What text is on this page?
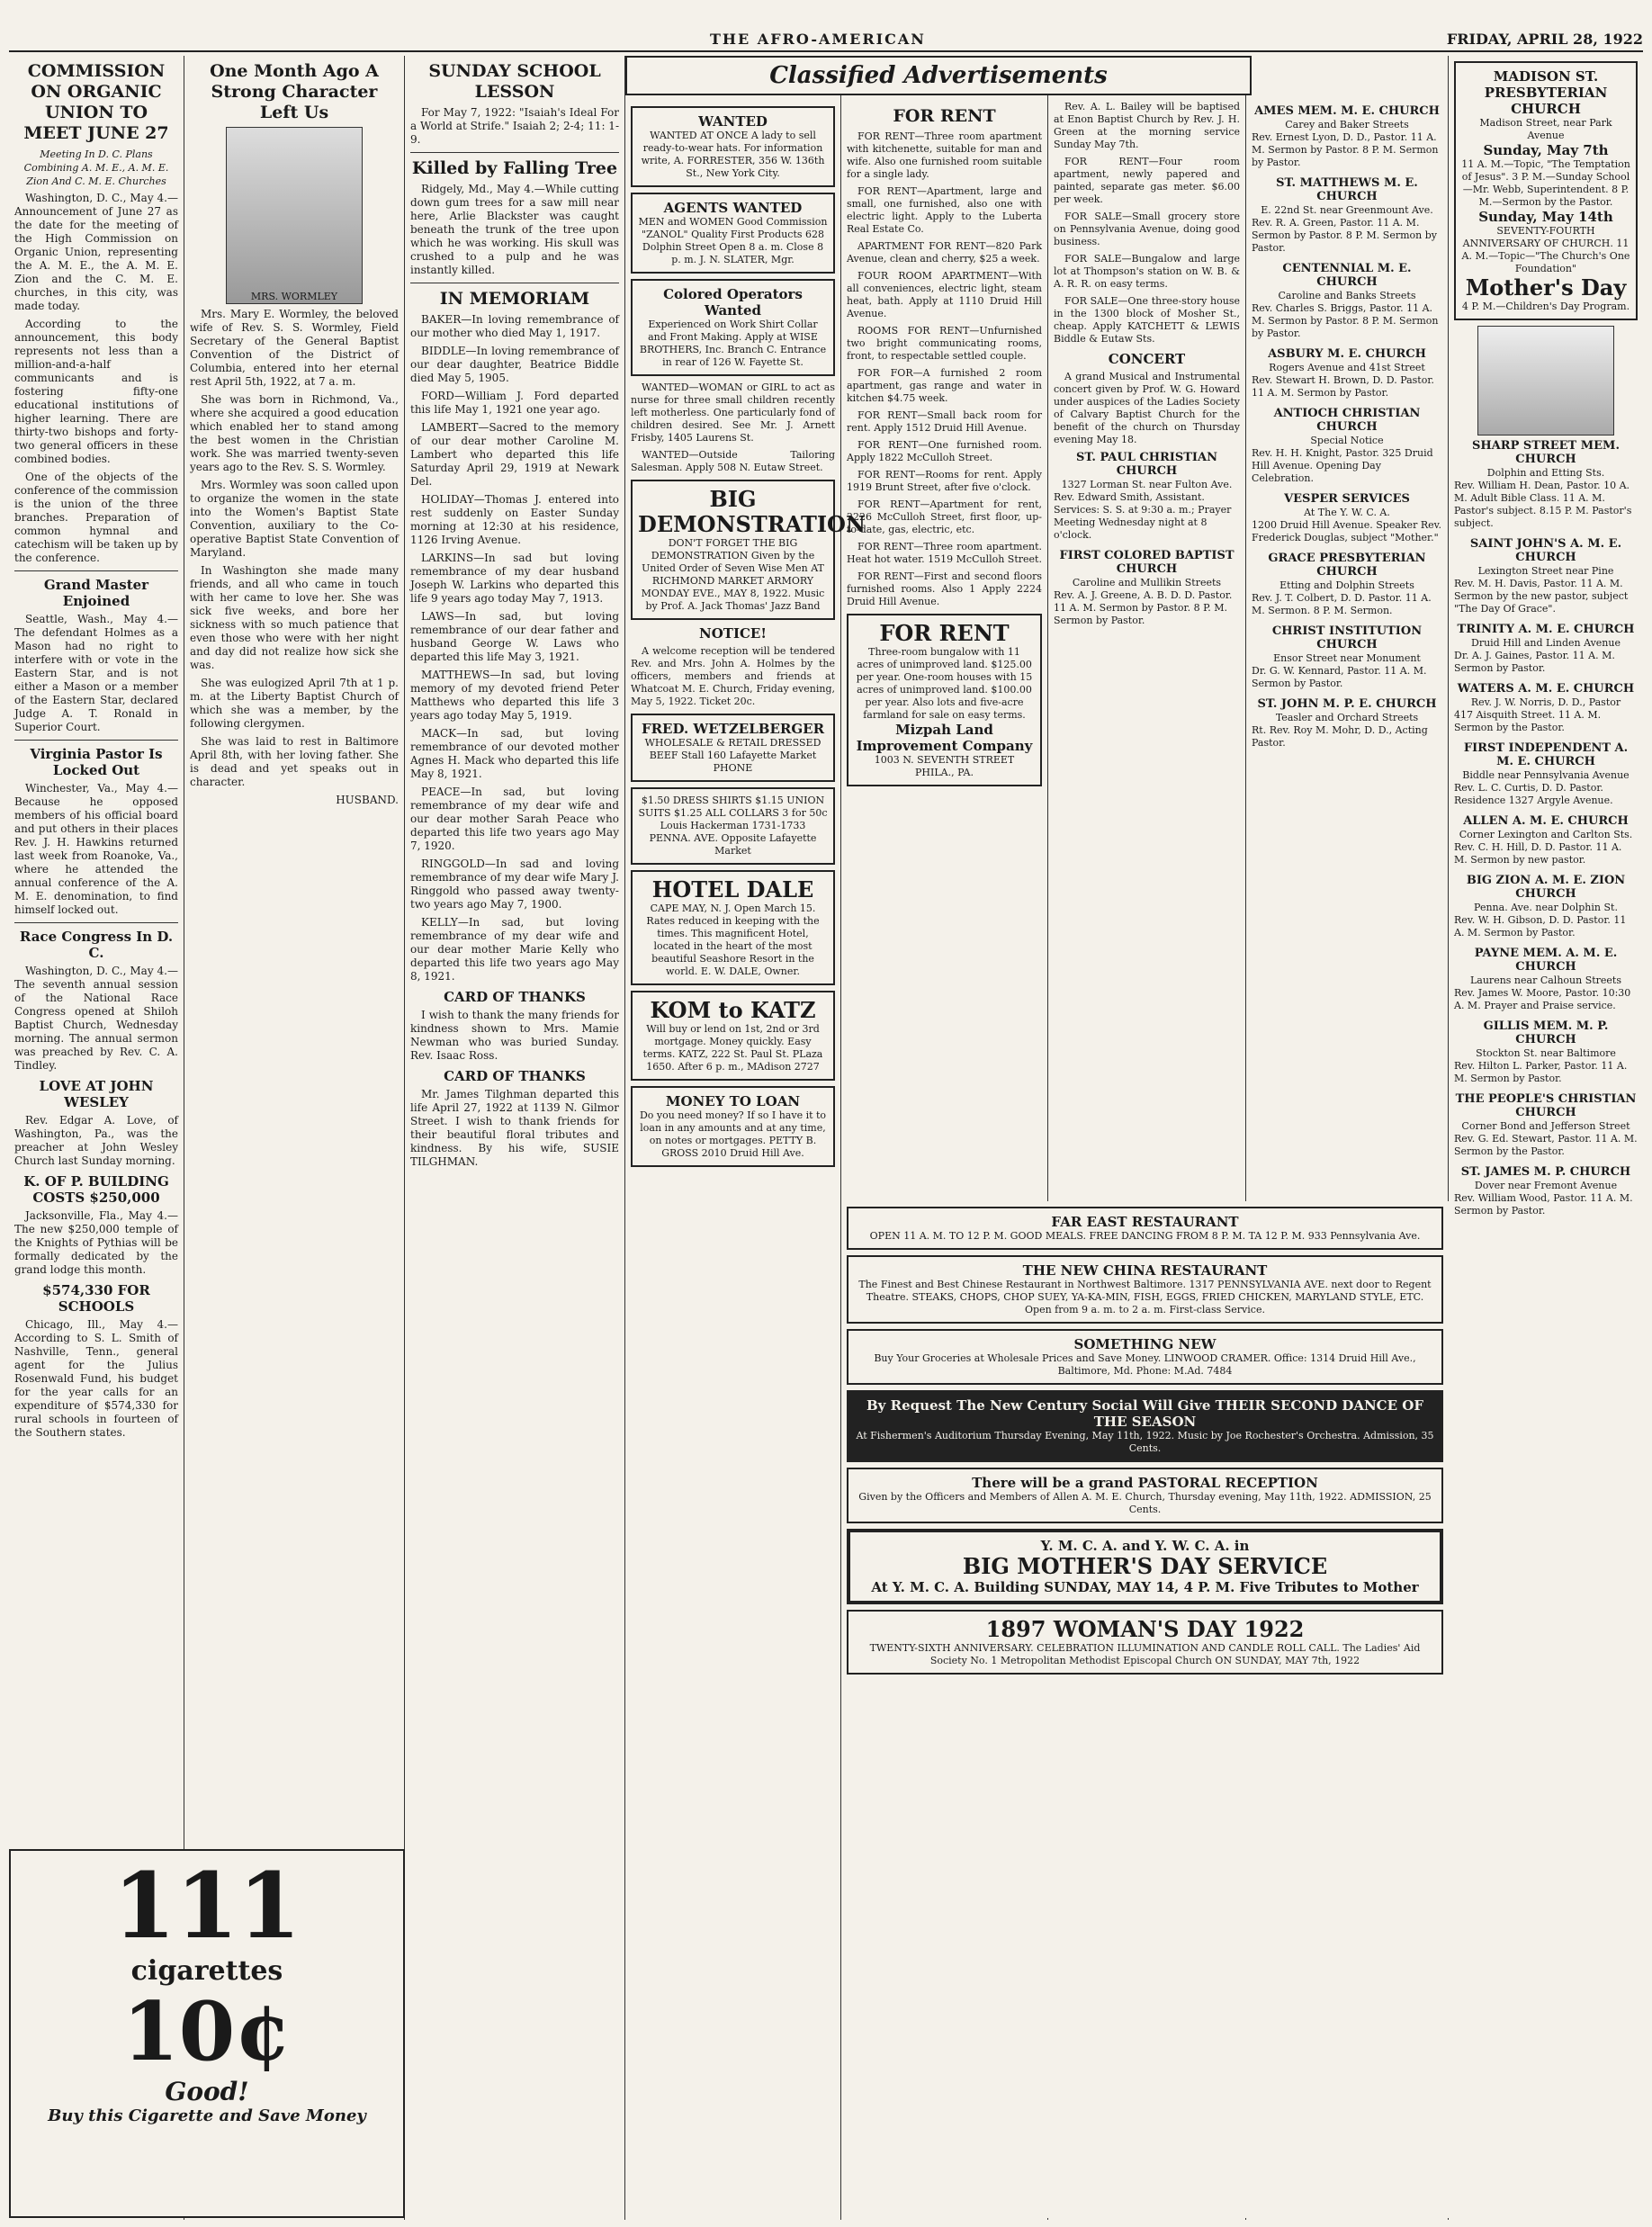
THE AFRO-AMERICAN	FRIDAY, APRIL 28, 1922
COMMISSION ON ORGANIC UNION TO MEET JUNE 27
Meeting In D. C. Plans Combining A. M. E., A. M. E. Zion And C. M. E. Churches

Washington, D. C., May 4.—Announcement of June 27 as the date for the meeting of the High Commission on Organic Union, representing the A. M. E., the A. M. E. Zion and the C. M. E. churches, in this city, was made today.

According to the announcement, this body represents not less than a million-and-a-half communicants and is fostering fifty-one educational institutions of higher learning. There are thirty-two bishops and forty-two general officers in these combined bodies.

One of the objects of the conference of the commission is the union of the three branches. Preparation of common hymnal and catechism will be taken up by the conference.

Grand Master Enjoined

Seattle, Wash., May 4.—The defendant Holmes as a Mason had no right to interfere with or vote in the Eastern Star, and is not either a Mason or a member of the Eastern Star, declared Judge A. T. Ronald in Superior Court.

Virginia Pastor Is Locked Out

Winchester, Va., May 4.—Because he opposed members of his official board and put others in their places Rev. J. H. Hawkins returned last week from Roanoke, Va., where he attended the annual conference of the A. M. E. denomination, to find himself locked out.

Race Congress In D. C.

Washington, D. C., May 4.—The seventh annual session of the National Race Congress opened at Shiloh Baptist Church, Wednesday morning. The annual sermon was preached by Rev. C. A. Tindley.

LOVE AT JOHN WESLEY

Rev. Edgar A. Love, of Washington, Pa., was the preacher at John Wesley Church last Sunday morning.

K. OF P. BUILDING COSTS $250,000

Jacksonville, Fla., May 4.—The new $250,000 temple of the Knights of Pythias will be formally dedicated by the grand lodge this month.

$574,330 FOR SCHOOLS

Chicago, Ill., May 4.—According to S. L. Smith of Nashville, Tenn., general agent for the Julius Rosenwald Fund, his budget for the year calls for an expenditure of $574,330 for rural schools in fourteen of the Southern states.

One Month Ago A Strong Character Left Us
MRS. WORMLEY

Mrs. Mary E. Wormley, the beloved wife of Rev. S. S. Wormley, Field Secretary of the General Baptist Convention of the District of Columbia, entered into her eternal rest April 5th, 1922, at 7 a. m.

She was born in Richmond, Va., where she acquired a good education which enabled her to stand among the best women in the Christian work. She was married twenty-seven years ago to the Rev. S. S. Wormley.

Mrs. Wormley was soon called upon to organize the women in the state into the Women's Baptist State Convention, auxiliary to the Co-operative Baptist State Convention of Maryland.

In Washington she made many friends, and all who came in touch with her came to love her. She was sick five weeks, and bore her sickness with so much patience that even those who were with her night and day did not realize how sick she was.

She was eulogized April 7th at 1 p. m. at the Liberty Baptist Church of which she was a member, by the following clergymen.

She was laid to rest in Baltimore April 8th, with her loving father. She is dead and yet speaks out in character.

HUSBAND.

111
cigarettes
10¢
Good!
Buy this Cigarette and Save Money
SUNDAY SCHOOL LESSON

For May 7, 1922: "Isaiah's Ideal For a World at Strife." Isaiah 2; 2-4; 11: 1-9.

Killed by Falling Tree

Ridgely, Md., May 4.—While cutting down gum trees for a saw mill near here, Arlie Blackster was caught beneath the trunk of the tree upon which he was working. His skull was crushed to a pulp and he was instantly killed.

IN MEMORIAM

BAKER—In loving remembrance of our mother who died May 1, 1917.

BIDDLE—In loving remembrance of our dear daughter, Beatrice Biddle died May 5, 1905.

FORD—William J. Ford departed this life May 1, 1921 one year ago.

LAMBERT—Sacred to the memory of our dear mother Caroline M. Lambert who departed this life Saturday April 29, 1919 at Newark Del.

HOLIDAY—Thomas J. entered into rest suddenly on Easter Sunday morning at 12:30 at his residence, 1126 Irving Avenue.

LARKINS—In sad but loving remembrance of my dear husband Joseph W. Larkins who departed this life 9 years ago today May 7, 1913.

LAWS—In sad, but loving remembrance of our dear father and husband George W. Laws who departed this life May 3, 1921.

MATTHEWS—In sad, but loving memory of my devoted friend Peter Matthews who departed this life 3 years ago today May 5, 1919.

MACK—In sad, but loving remembrance of our devoted mother Agnes H. Mack who departed this life May 8, 1921.

PEACE—In sad, but loving remembrance of my dear wife and our dear mother Sarah Peace who departed this life two years ago May 7, 1920.

RINGGOLD—In sad and loving remembrance of my dear wife Mary J. Ringgold who passed away twenty-two years ago May 7, 1900.

KELLY—In sad, but loving remembrance of my dear wife and our dear mother Marie Kelly who departed this life two years ago May 8, 1921.

CARD OF THANKS

I wish to thank the many friends for kindness shown to Mrs. Mamie Newman who was buried Sunday. Rev. Isaac Ross.

CARD OF THANKS

Mr. James Tilghman departed this life April 27, 1922 at 1139 N. Gilmor Street. I wish to thank friends for their beautiful floral tributes and kindness. By his wife, SUSIE TILGHMAN.

Classified Advertisements
WANTED
WANTED AT ONCE A lady to sell ready-to-wear hats. For information write, A. FORRESTER, 356 W. 136th St., New York City.
AGENTS WANTED
MEN and WOMEN Good Commission "ZANOL" Quality First Products 628 Dolphin Street Open 8 a. m. Close 8 p. m. J. N. SLATER, Mgr.
Colored Operators Wanted
Experienced on Work Shirt Collar and Front Making. Apply at WISE BROTHERS, Inc. Branch C. Entrance in rear of 126 W. Fayette St.

WANTED—WOMAN or GIRL to act as nurse for three small children recently left motherless. One particularly fond of children desired. See Mr. J. Arnett Frisby, 1405 Laurens St.

WANTED—Outside Tailoring Salesman. Apply 508 N. Eutaw Street.

BIG DEMONSTRATION
DON'T FORGET THE BIG DEMONSTRATION Given by the United Order of Seven Wise Men AT RICHMOND MARKET ARMORY MONDAY EVE., MAY 8, 1922. Music by Prof. A. Jack Thomas' Jazz Band
NOTICE!

A welcome reception will be tendered Rev. and Mrs. John A. Holmes by the officers, members and friends at Whatcoat M. E. Church, Friday evening, May 5, 1922. Ticket 20c.

FRED. WETZELBERGER
WHOLESALE & RETAIL DRESSED BEEF Stall 160 Lafayette Market PHONE
$1.50 DRESS SHIRTS $1.15 UNION SUITS $1.25 ALL COLLARS 3 for 50c Louis Hackerman 1731-1733 PENNA. AVE. Opposite Lafayette Market
HOTEL DALE
CAPE MAY, N. J. Open March 15. Rates reduced in keeping with the times. This magnificent Hotel, located in the heart of the most beautiful Seashore Resort in the world. E. W. DALE, Owner.
KOM to KATZ
Will buy or lend on 1st, 2nd or 3rd mortgage. Money quickly. Easy terms. KATZ, 222 St. Paul St. PLaza 1650. After 6 p. m., MAdison 2727
MONEY TO LOAN
Do you need money? If so I have it to loan in any amounts and at any time, on notes or mortgages. PETTY B. GROSS 2010 Druid Hill Ave.
FOR RENT

FOR RENT—Three room apartment with kitchenette, suitable for man and wife. Also one furnished room suitable for a single lady.

FOR RENT—Apartment, large and small, one furnished, also one with electric light. Apply to the Luberta Real Estate Co.

APARTMENT FOR RENT—820 Park Avenue, clean and cherry, $25 a week.

FOUR ROOM APARTMENT—With all conveniences, electric light, steam heat, bath. Apply at 1110 Druid Hill Avenue.

ROOMS FOR RENT—Unfurnished two bright communicating rooms, front, to respectable settled couple.

FOR FOR—A furnished 2 room apartment, gas range and water in kitchen $4.75 week.

FOR RENT—Small back room for rent. Apply 1512 Druid Hill Avenue.

FOR RENT—One furnished room. Apply 1822 McCulloh Street.

FOR RENT—Rooms for rent. Apply 1919 Brunt Street, after five o'clock.

FOR RENT—Apartment for rent, 2226 McCulloh Street, first floor, up-to-date, gas, electric, etc.

FOR RENT—Three room apartment. Heat hot water. 1519 McCulloh Street.

FOR RENT—First and second floors furnished rooms. Also 1 Apply 2224 Druid Hill Avenue.

FOR RENT
Three-room bungalow with 11 acres of unimproved land. $125.00 per year. One-room houses with 15 acres of unimproved land. $100.00 per year. Also lots and five-acre farmland for sale on easy terms.
Mizpah Land Improvement Company
1003 N. SEVENTH STREET PHILA., PA.

Rev. A. L. Bailey will be baptised at Enon Baptist Church by Rev. J. H. Green at the morning service Sunday May 7th.

FOR RENT—Four room apartment, newly papered and painted, separate gas meter. $6.00 per week.

FOR SALE—Small grocery store on Pennsylvania Avenue, doing good business.

FOR SALE—Bungalow and large lot at Thompson's station on W. B. & A. R. R. on easy terms.

FOR SALE—One three-story house in the 1300 block of Mosher St., cheap. Apply KATCHETT & LEWIS Biddle & Eutaw Sts.

CONCERT

A grand Musical and Instrumental concert given by Prof. W. G. Howard under auspices of the Ladies Society of Calvary Baptist Church for the benefit of the church on Thursday evening May 18.

ST. PAUL CHRISTIAN CHURCH
1327 Lorman St. near Fulton Ave.
Rev. Edward Smith, Assistant. Services: S. S. at 9:30 a. m.; Prayer Meeting Wednesday night at 8 o'clock.
FIRST COLORED BAPTIST CHURCH
Caroline and Mullikin Streets
Rev. A. J. Greene, A. B. D. D. Pastor. 11 A. M. Sermon by Pastor. 8 P. M. Sermon by Pastor.
FAR EAST RESTAURANT
OPEN 11 A. M. TO 12 P. M. GOOD MEALS. FREE DANCING FROM 8 P. M. TA 12 P. M. 933 Pennsylvania Ave.
THE NEW CHINA RESTAURANT
The Finest and Best Chinese Restaurant in Northwest Baltimore. 1317 PENNSYLVANIA AVE. next door to Regent Theatre. STEAKS, CHOPS, CHOP SUEY, YA-KA-MIN, FISH, EGGS, FRIED CHICKEN, MARYLAND STYLE, ETC. Open from 9 a. m. to 2 a. m. First-class Service.
SOMETHING NEW
Buy Your Groceries at Wholesale Prices and Save Money. LINWOOD CRAMER. Office: 1314 Druid Hill Ave., Baltimore, Md. Phone: M.Ad. 7484
By Request The New Century Social Will Give THEIR SECOND DANCE OF THE SEASON
At Fishermen's Auditorium Thursday Evening, May 11th, 1922. Music by Joe Rochester's Orchestra. Admission, 35 Cents.
There will be a grand PASTORAL RECEPTION
Given by the Officers and Members of Allen A. M. E. Church, Thursday evening, May 11th, 1922. ADMISSION, 25 Cents.
Y. M. C. A. and Y. W. C. A. in
BIG MOTHER'S DAY SERVICE
At Y. M. C. A. Building SUNDAY, MAY 14, 4 P. M. Five Tributes to Mother
1897 WOMAN'S DAY 1922
TWENTY-SIXTH ANNIVERSARY. CELEBRATION ILLUMINATION AND CANDLE ROLL CALL. The Ladies' Aid Society No. 1 Metropolitan Methodist Episcopal Church ON SUNDAY, MAY 7th, 1922
AMES MEM. M. E. CHURCH
Carey and Baker Streets
Rev. Ernest Lyon, D. D., Pastor. 11 A. M. Sermon by Pastor. 8 P. M. Sermon by Pastor.
ST. MATTHEWS M. E. CHURCH
E. 22nd St. near Greenmount Ave.
Rev. R. A. Green, Pastor. 11 A. M. Sermon by Pastor. 8 P. M. Sermon by Pastor.
CENTENNIAL M. E. CHURCH
Caroline and Banks Streets
Rev. Charles S. Briggs, Pastor. 11 A. M. Sermon by Pastor. 8 P. M. Sermon by Pastor.
ASBURY M. E. CHURCH
Rogers Avenue and 41st Street
Rev. Stewart H. Brown, D. D. Pastor. 11 A. M. Sermon by Pastor.
ANTIOCH CHRISTIAN CHURCH
Special Notice
Rev. H. H. Knight, Pastor. 325 Druid Hill Avenue. Opening Day Celebration.
VESPER SERVICES
At The Y. W. C. A.
1200 Druid Hill Avenue. Speaker Rev. Frederick Douglas, subject "Mother."
GRACE PRESBYTERIAN CHURCH
Etting and Dolphin Streets
Rev. J. T. Colbert, D. D. Pastor. 11 A. M. Sermon. 8 P. M. Sermon.
CHRIST INSTITUTION CHURCH
Ensor Street near Monument
Dr. G. W. Kennard, Pastor. 11 A. M. Sermon by Pastor.
ST. JOHN M. P. E. CHURCH
Teasler and Orchard Streets
Rt. Rev. Roy M. Mohr, D. D., Acting Pastor.
MADISON ST. PRESBYTERIAN CHURCH
Madison Street, near Park Avenue
Sunday, May 7th
11 A. M.—Topic, "The Temptation of Jesus". 3 P. M.—Sunday School—Mr. Webb, Superintendent. 8 P. M.—Sermon by the Pastor.
Sunday, May 14th
SEVENTY-FOURTH ANNIVERSARY OF CHURCH. 11 A. M.—Topic—"The Church's One Foundation"
Mother's Day
4 P. M.—Children's Day Program.
SHARP STREET MEM. CHURCH
Dolphin and Etting Sts.
Rev. William H. Dean, Pastor. 10 A. M. Adult Bible Class. 11 A. M. Pastor's subject. 8.15 P. M. Pastor's subject.
SAINT JOHN'S A. M. E. CHURCH
Lexington Street near Pine
Rev. M. H. Davis, Pastor. 11 A. M. Sermon by the new pastor, subject "The Day Of Grace".
TRINITY A. M. E. CHURCH
Druid Hill and Linden Avenue
Dr. A. J. Gaines, Pastor. 11 A. M. Sermon by Pastor.
WATERS A. M. E. CHURCH
Rev. J. W. Norris, D. D., Pastor
417 Aisquith Street. 11 A. M. Sermon by the Pastor.
FIRST INDEPENDENT A. M. E. CHURCH
Biddle near Pennsylvania Avenue
Rev. L. C. Curtis, D. D. Pastor. Residence 1327 Argyle Avenue.
ALLEN A. M. E. CHURCH
Corner Lexington and Carlton Sts.
Rev. C. H. Hill, D. D. Pastor. 11 A. M. Sermon by new pastor.
BIG ZION A. M. E. ZION CHURCH
Penna. Ave. near Dolphin St.
Rev. W. H. Gibson, D. D. Pastor. 11 A. M. Sermon by Pastor.
PAYNE MEM. A. M. E. CHURCH
Laurens near Calhoun Streets
Rev. James W. Moore, Pastor. 10:30 A. M. Prayer and Praise service.
GILLIS MEM. M. P. CHURCH
Stockton St. near Baltimore
Rev. Hilton L. Parker, Pastor. 11 A. M. Sermon by Pastor.
THE PEOPLE'S CHRISTIAN CHURCH
Corner Bond and Jefferson Street
Rev. G. Ed. Stewart, Pastor. 11 A. M. Sermon by the Pastor.
ST. JAMES M. P. CHURCH
Dover near Fremont Avenue
Rev. William Wood, Pastor. 11 A. M. Sermon by Pastor.
